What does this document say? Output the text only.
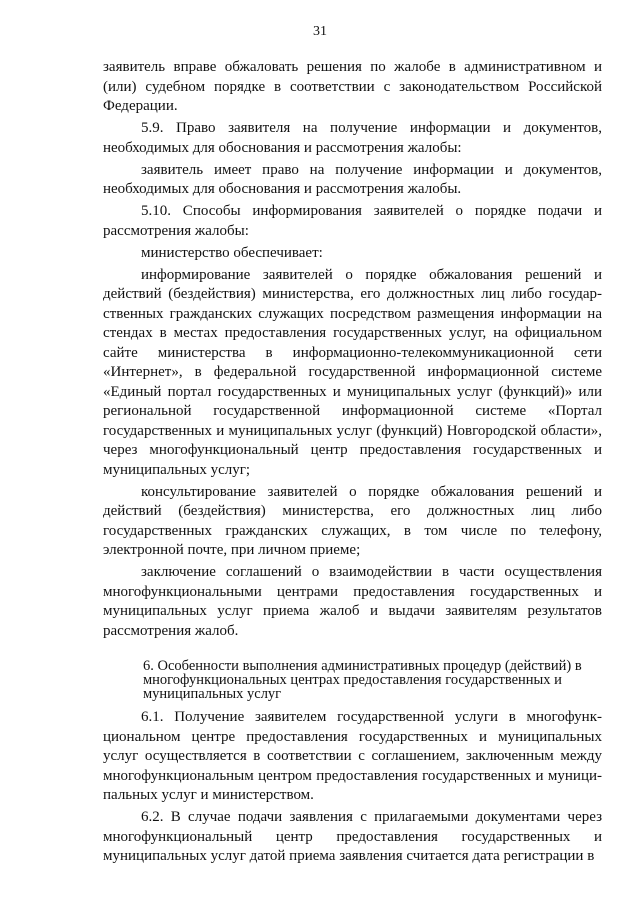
31

заявитель вправе обжаловать решения по жалобе в административном и (или) судебном порядке в соответствии с законодательством Российской Федерации.

5.9. Право заявителя на получение информации и документов, необходимых для обоснования и рассмотрения жалобы:

заявитель имеет право на получение информации и документов, необходимых для обоснования и рассмотрения жалобы.

5.10. Способы информирования заявителей о порядке подачи и рассмотрения жалобы:

министерство обеспечивает:

информирование заявителей о порядке обжалования решений и действий (бездействия) министерства, его должностных лиц либо государственных гражданских служащих посредством размещения информации на стендах в местах предоставления государственных услуг, на официальном сайте министерства в информационно-телекоммуникационной сети «Интернет», в федеральной государственной информационной системе «Единый портал государственных и муниципальных услуг (функций)» или региональной государственной информационной системе «Портал государственных и муниципальных услуг (функций) Новгородской области», через многофункциональный центр предоставления государственных и муниципальных услуг;

консультирование заявителей о порядке обжалования решений и действий (бездействия) министерства, его должностных лиц либо государственных гражданских служащих, в том числе по телефону, электронной почте, при личном приеме;

заключение соглашений о взаимодействии в части осуществления многофункциональными центрами предоставления государственных и муниципальных услуг приема жалоб и выдачи заявителям результатов рассмотрения жалоб.

6. Особенности выполнения административных процедур (действий) в многофункциональных центрах предоставления государственных и муниципальных услуг

6.1. Получение заявителем государственной услуги в многофункциональном центре предоставления государственных и муниципальных услуг осуществляется в соответствии с соглашением, заключенным между многофункциональным центром предоставления государственных и муниципальных услуг и министерством.

6.2. В случае подачи заявления с прилагаемыми документами через многофункциональный центр предоставления государственных и муниципальных услуг датой приема заявления считается дата регистрации в
